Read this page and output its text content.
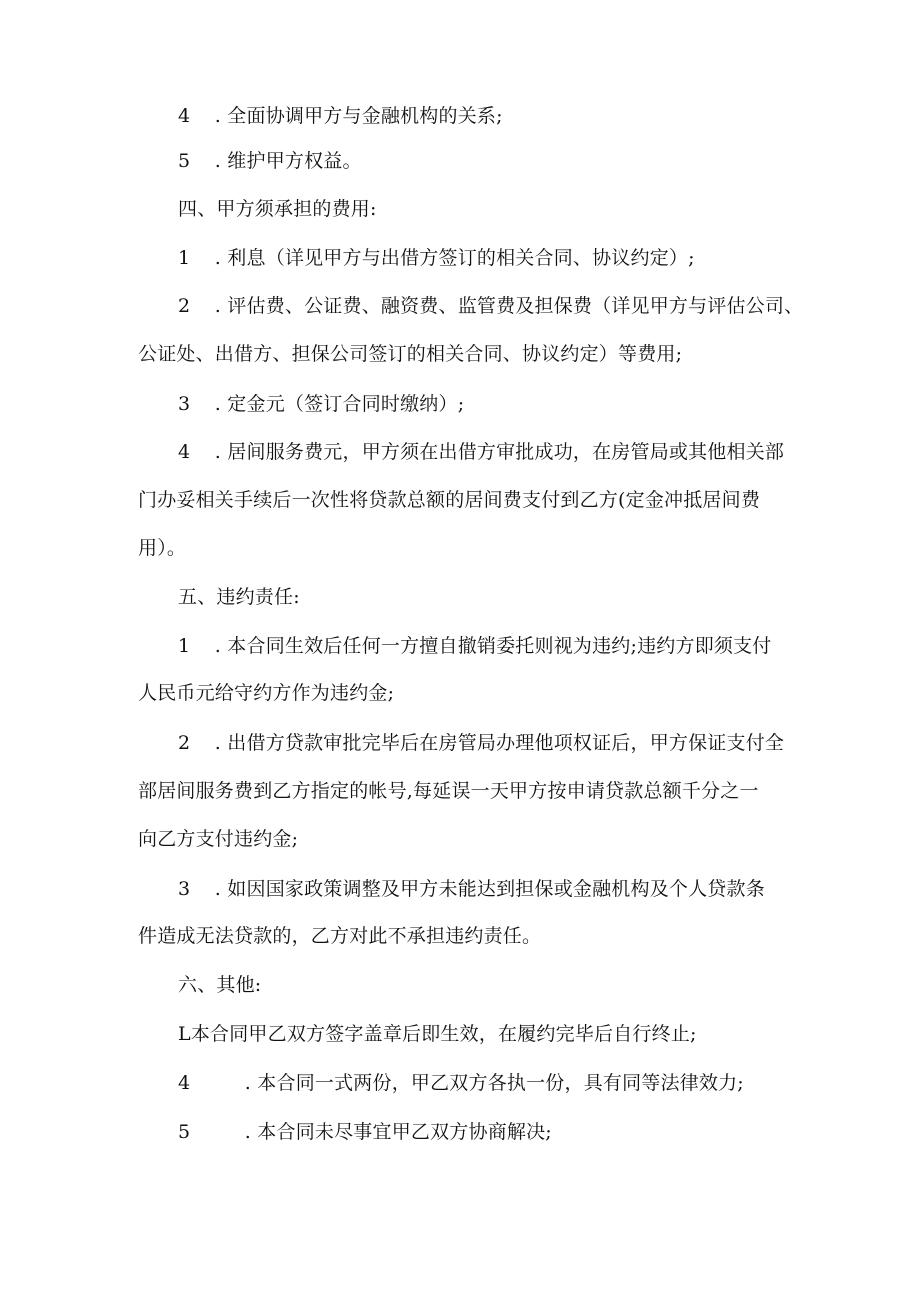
4 . 全面协调甲方与金融机构的关系;
5 . 维护甲方权益。
四、甲方须承担的费用:
1 . 利息（详见甲方与出借方签订的相关合同、协议约定）;
2 . 评估费、公证费、融资费、监管费及担保费（详见甲方与评估公司、
公证处、出借方、担保公司签订的相关合同、协议约定）等费用;
3 . 定金元（签订合同时缴纳）;
4 . 居间服务费元，甲方须在出借方审批成功，在房管局或其他相关部
门办妥相关手续后一次性将贷款总额的居间费支付到乙方(定金冲抵居间费
用）。
五、违约责任:
1 . 本合同生效后任何一方擅自撤销委托则视为违约;违约方即须支付
人民币元给守约方作为违约金;
2 . 出借方贷款审批完毕后在房管局办理他项权证后，甲方保证支付全
部居间服务费到乙方指定的帐号,每延误一天甲方按申请贷款总额千分之一
向乙方支付违约金;
3 . 如因国家政策调整及甲方未能达到担保或金融机构及个人贷款条
件造成无法贷款的，乙方对此不承担违约责任。
六、其他:
L本合同甲乙双方签字盖章后即生效，在履约完毕后自行终止;
4	. 本合同一式两份，甲乙双方各执一份，具有同等法律效力;
5	. 本合同未尽事宜甲乙双方协商解决;
